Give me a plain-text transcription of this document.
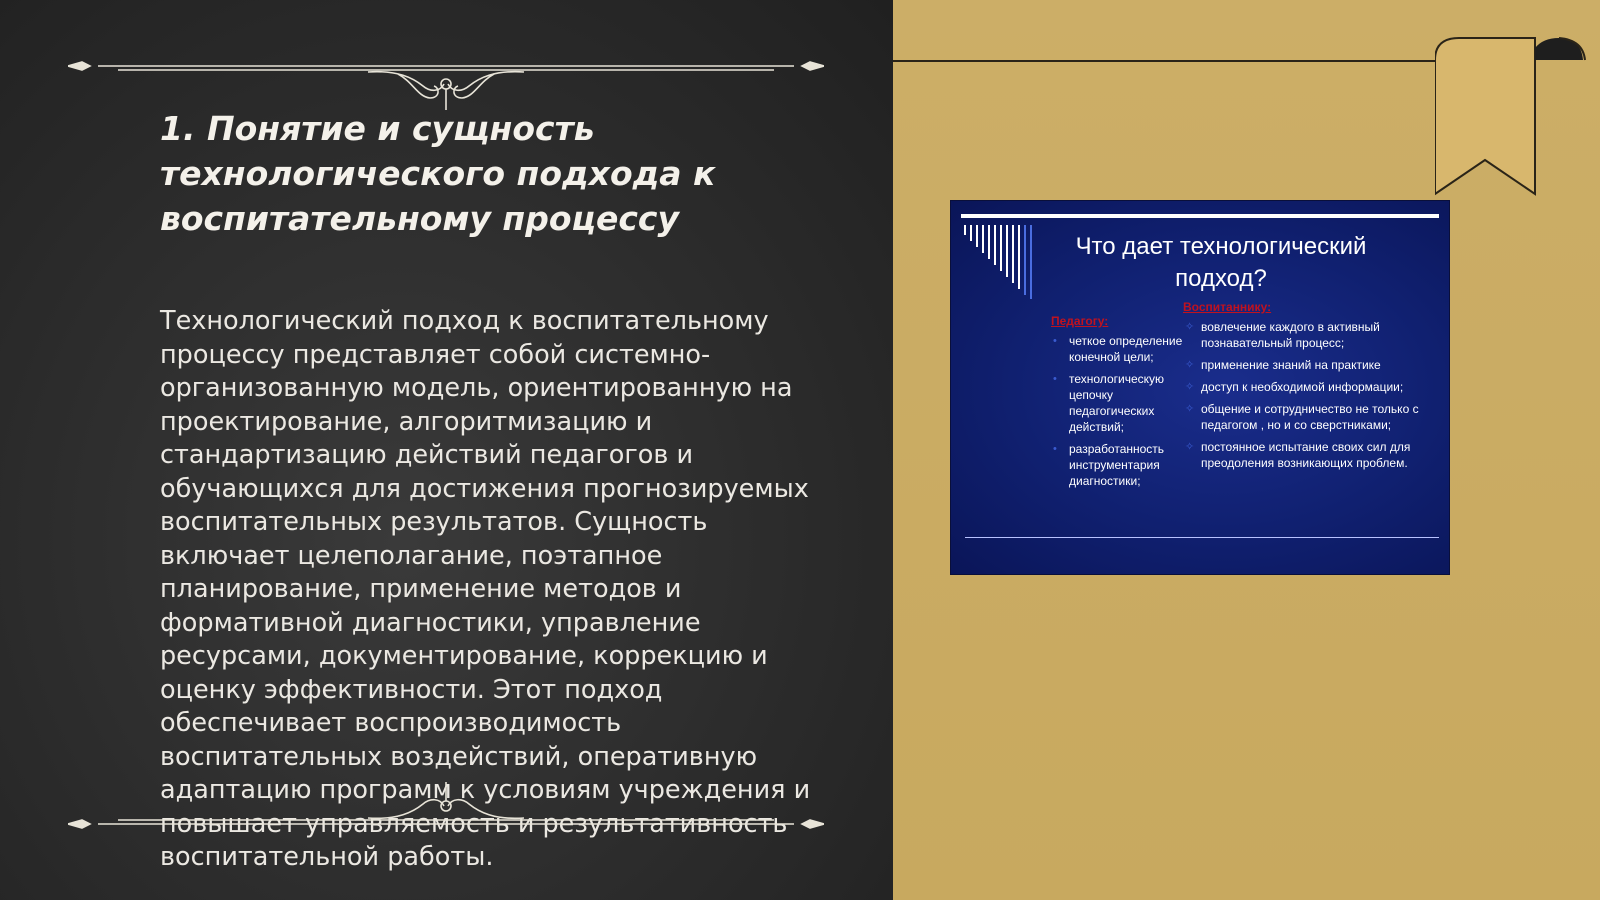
1. Понятие и сущность технологического подхода к воспитательному процессу

Технологический подход к воспитательному процессу представляет собой системно-организованную модель, ориентированную на проектирование, алгоритмизацию и стандартизацию действий педагогов и обучающихся для достижения прогнозируемых воспитательных результатов. Сущность включает целеполагание, поэтапное планирование, применение методов и формативной диагностики, управление ресурсами, документирование, коррекцию и оценку эффективности. Этот подход обеспечивает воспроизводимость воспитательных воздействий, оперативную адаптацию программ к условиям учреждения и повышает управляемость и результативность воспитательной работы.

Что дает технологический подход?
Педагогу:
• четкое определение конечной цели;
• технологическую цепочку педагогических действий;
• разработанность инструментария диагностики;
Воспитаннику:
✧ вовлечение каждого в активный познавательный процесс;
✧ применение знаний на практике
✧ доступ к необходимой информации;
✧ общение и сотрудничество не только с педагогом , но и со сверстниками;
✧ постоянное испытание своих сил для преодоления возникающих проблем.
